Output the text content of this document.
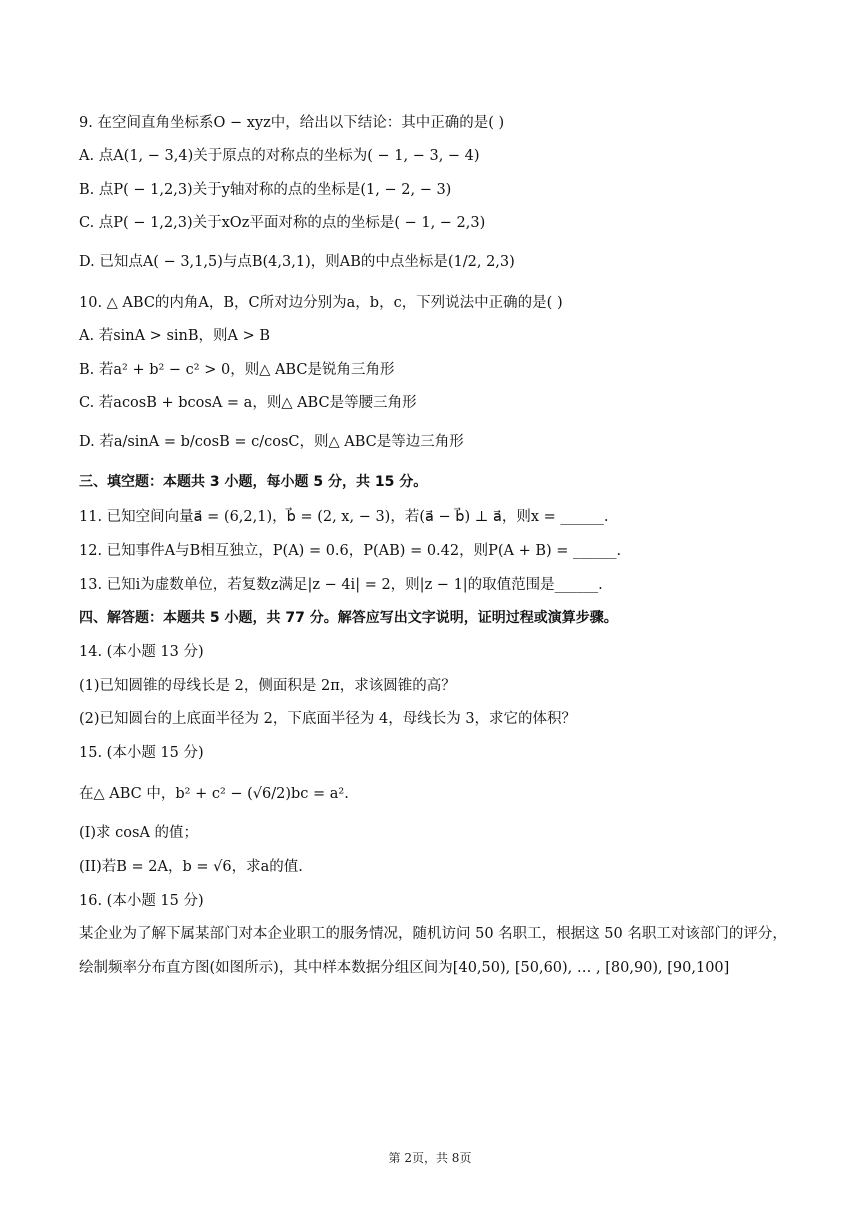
9. 在空间直角坐标系O − xyz中，给出以下结论：其中正确的是( )
A. 点A(1, − 3,4)关于原点的对称点的坐标为( − 1, − 3, − 4)
B. 点P( − 1,2,3)关于y轴对称的点的坐标是(1, − 2, − 3)
C. 点P( − 1,2,3)关于xOz平面对称的点的坐标是( − 1, − 2,3)
D. 已知点A( − 3,1,5)与点B(4,3,1)，则AB的中点坐标是(1/2, 2,3)
10. △ ABC的内角A，B，C所对边分别为a，b，c，下列说法中正确的是( )
A. 若sinA > sinB，则A > B
B. 若a² + b² − c² > 0，则△ ABC是锐角三角形
C. 若acosB + bcosA = a，则△ ABC是等腰三角形
D. 若a/sinA = b/cosB = c/cosC，则△ ABC是等边三角形
三、填空题：本题共 3 小题，每小题 5 分，共 15 分。
11. 已知空间向量a⃗ = (6,2,1)，b⃗ = (2, x, − 3)，若(a⃗ − b⃗) ⊥ a⃗，则x = ______.
12. 已知事件A与B相互独立，P(A) = 0.6，P(AB) = 0.42，则P(A + B) = ______.
13. 已知i为虚数单位，若复数z满足|z − 4i| = 2，则|z − 1|的取值范围是______.
四、解答题：本题共 5 小题，共 77 分。解答应写出文字说明，证明过程或演算步骤。
14. (本小题 13 分)
(1)已知圆锥的母线长是 2，侧面积是 2π，求该圆锥的高？
(2)已知圆台的上底面半径为 2，下底面半径为 4，母线长为 3，求它的体积？
15. (本小题 15 分)
在△ ABC 中，b² + c² − (√6/2)bc = a².
(I)求 cosA 的值；
(II)若B = 2A，b = √6，求a的值.
16. (本小题 15 分)
某企业为了解下属某部门对本企业职工的服务情况，随机访问 50 名职工，根据这 50 名职工对该部门的评分，绘制频率分布直方图(如图所示)，其中样本数据分组区间为[40,50), [50,60), … , [80,90), [90,100]
第 2页，共 8页
